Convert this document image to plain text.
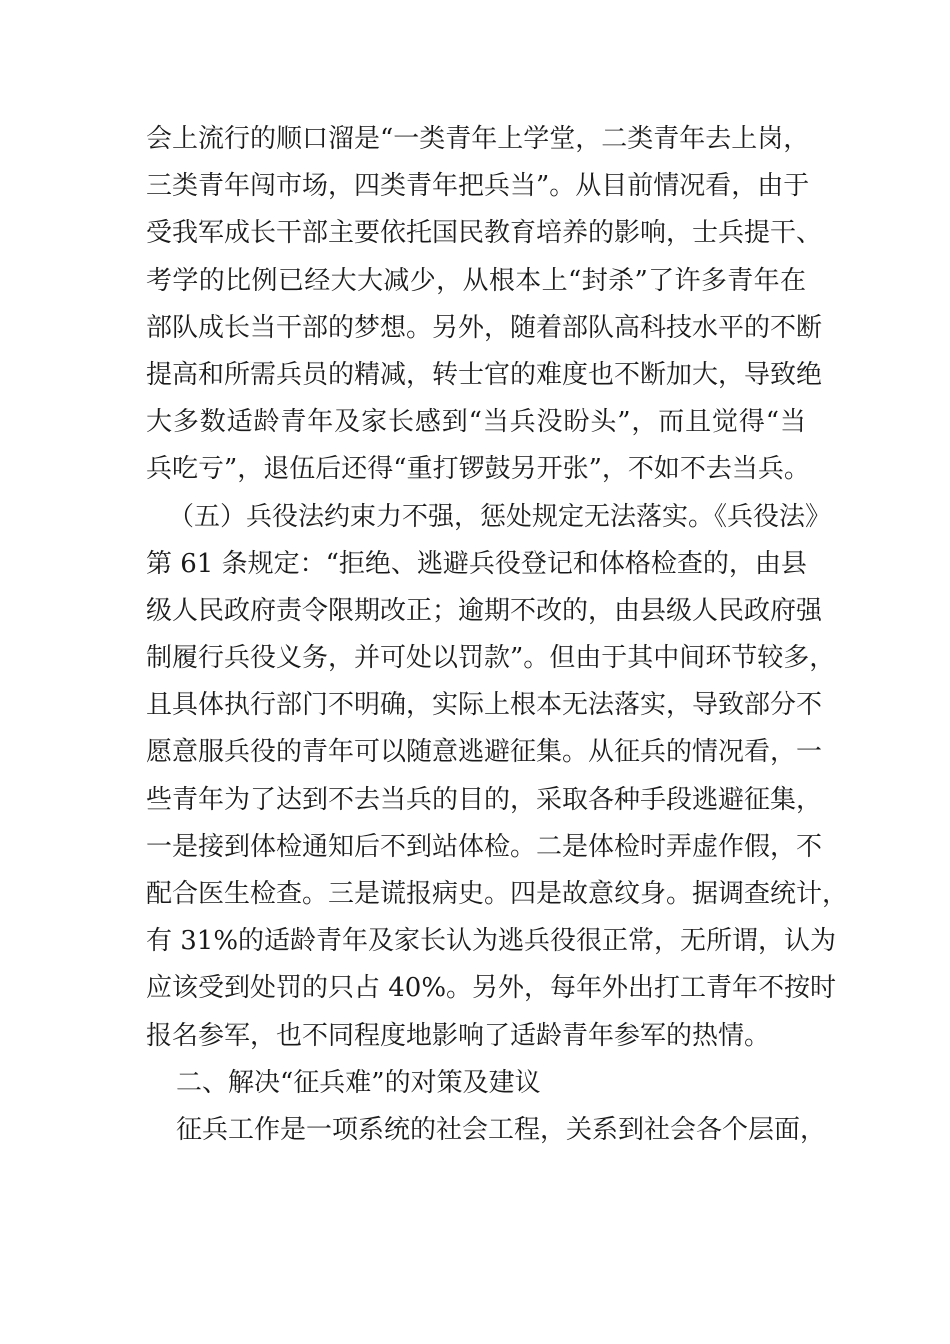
会上流行的顺口溜是“一类青年上学堂，二类青年去上岗，
三类青年闯市场，四类青年把兵当”。从目前情况看，由于
受我军成长干部主要依托国民教育培养的影响，士兵提干、
考学的比例已经大大减少，从根本上“封杀”了许多青年在
部队成长当干部的梦想。另外，随着部队高科技水平的不断
提高和所需兵员的精减，转士官的难度也不断加大，导致绝
大多数适龄青年及家长感到“当兵没盼头”，而且觉得“当
兵吃亏”，退伍后还得“重打锣鼓另开张”，不如不去当兵。
（五）兵役法约束力不强，惩处规定无法落实。《兵役法》
第 61 条规定：“拒绝、逃避兵役登记和体格检查的，由县
级人民政府责令限期改正；逾期不改的，由县级人民政府强
制履行兵役义务，并可处以罚款”。但由于其中间环节较多，
且具体执行部门不明确，实际上根本无法落实，导致部分不
愿意服兵役的青年可以随意逃避征集。从征兵的情况看，一
些青年为了达到不去当兵的目的，采取各种手段逃避征集，
一是接到体检通知后不到站体检。二是体检时弄虚作假，不
配合医生检查。三是谎报病史。四是故意纹身。据调查统计，
有 31%的适龄青年及家长认为逃兵役很正常，无所谓，认为
应该受到处罚的只占 40%。另外，每年外出打工青年不按时
报名参军，也不同程度地影响了适龄青年参军的热情。
二、解决“征兵难”的对策及建议
征兵工作是一项系统的社会工程，关系到社会各个层面，
